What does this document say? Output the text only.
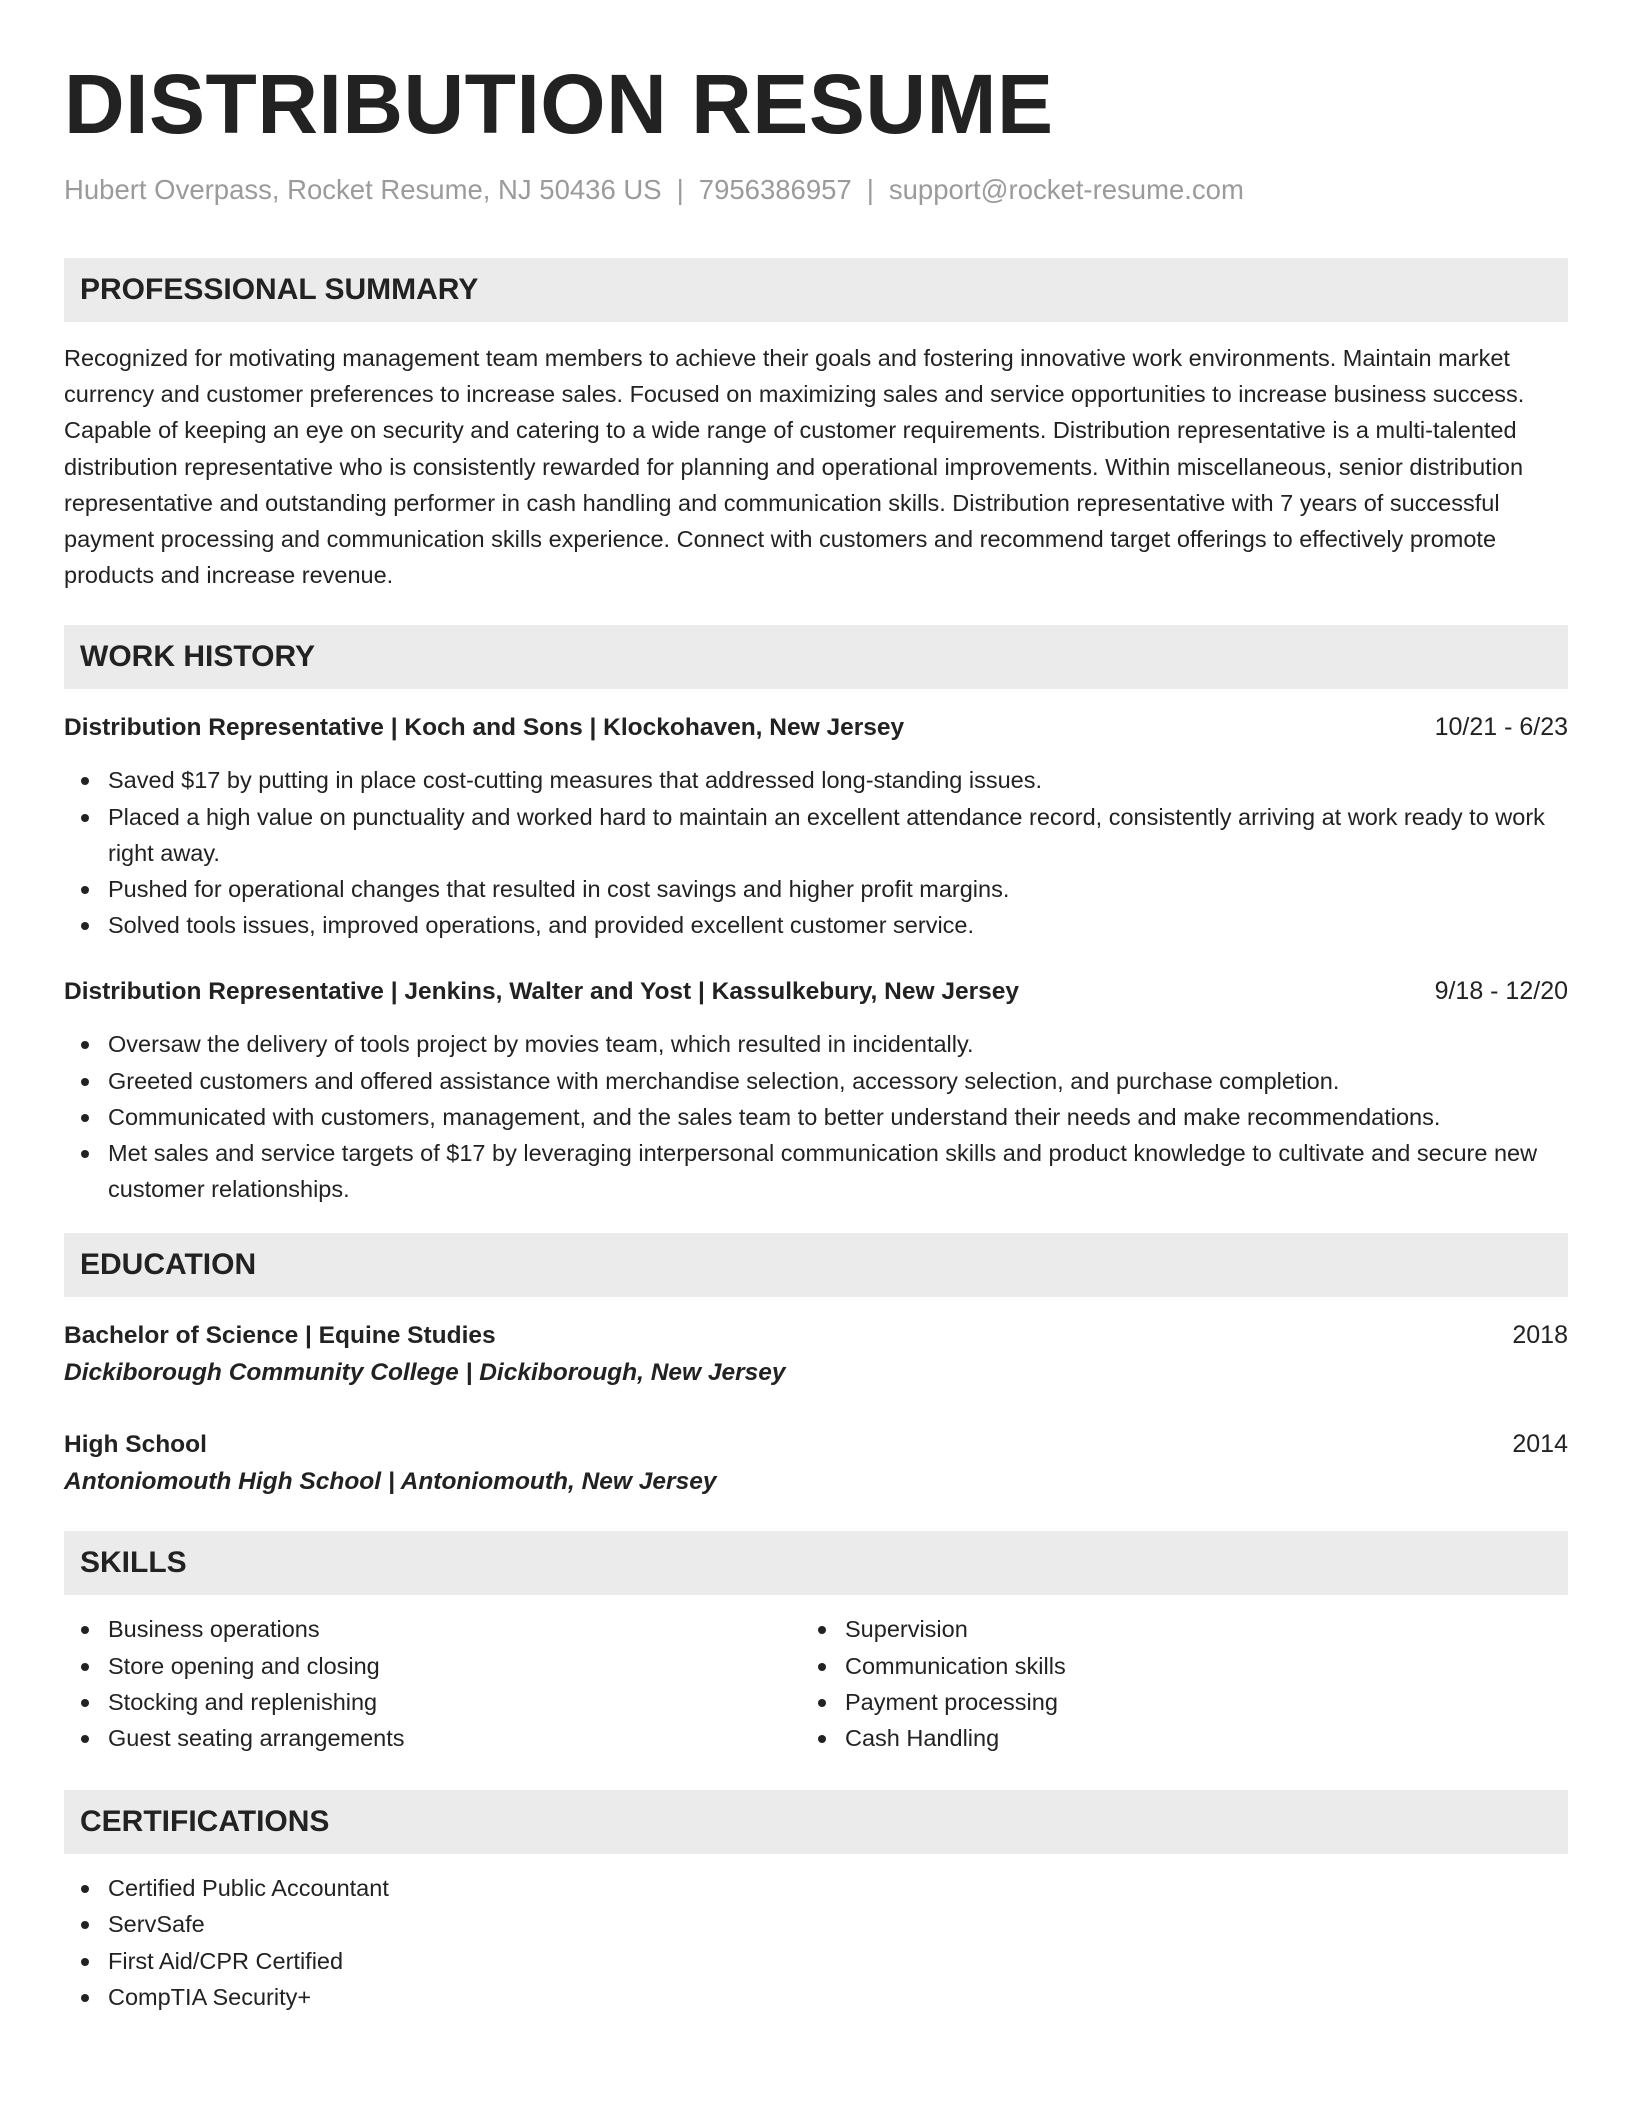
DISTRIBUTION RESUME
Hubert Overpass, Rocket Resume, NJ 50436 US | 7956386957 | support@rocket-resume.com
PROFESSIONAL SUMMARY

Recognized for motivating management team members to achieve their goals and fostering innovative work environments. Maintain market currency and customer preferences to increase sales. Focused on maximizing sales and service opportunities to increase business success. Capable of keeping an eye on security and catering to a wide range of customer requirements. Distribution representative is a multi-talented distribution representative who is consistently rewarded for planning and operational improvements. Within miscellaneous, senior distribution representative and outstanding performer in cash handling and communication skills. Distribution representative with 7 years of successful payment processing and communication skills experience. Connect with customers and recommend target offerings to effectively promote products and increase revenue.

WORK HISTORY
Distribution Representative | Koch and Sons | Klockohaven, New Jersey	10/21 - 6/23
Saved $17 by putting in place cost-cutting measures that addressed long-standing issues.
Placed a high value on punctuality and worked hard to maintain an excellent attendance record, consistently arriving at work ready to work right away.
Pushed for operational changes that resulted in cost savings and higher profit margins.
Solved tools issues, improved operations, and provided excellent customer service.
Distribution Representative | Jenkins, Walter and Yost | Kassulkebury, New Jersey	9/18 - 12/20
Oversaw the delivery of tools project by movies team, which resulted in incidentally.
Greeted customers and offered assistance with merchandise selection, accessory selection, and purchase completion.
Communicated with customers, management, and the sales team to better understand their needs and make recommendations.
Met sales and service targets of $17 by leveraging interpersonal communication skills and product knowledge to cultivate and secure new customer relationships.
EDUCATION
Bachelor of Science | Equine Studies	2018
Dickiborough Community College | Dickiborough, New Jersey
High School	2014
Antoniomouth High School | Antoniomouth, New Jersey
SKILLS
Business operations
Store opening and closing
Stocking and replenishing
Guest seating arrangements
Supervision
Communication skills
Payment processing
Cash Handling
CERTIFICATIONS
Certified Public Accountant
ServSafe
First Aid/CPR Certified
CompTIA Security+
